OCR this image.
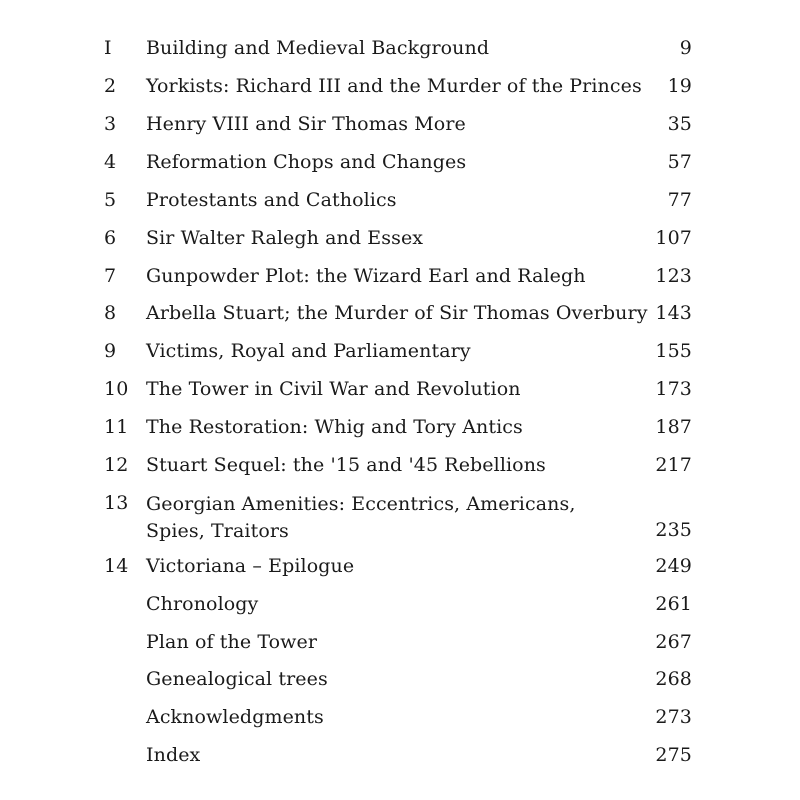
I	Building and Medieval Background	9
2	Yorkists: Richard III and the Murder of the Princes	19
3	Henry VIII and Sir Thomas More	35
4	Reformation Chops and Changes	57
5	Protestants and Catholics	77
6	Sir Walter Ralegh and Essex	107
7	Gunpowder Plot: the Wizard Earl and Ralegh	123
8	Arbella Stuart; the Murder of Sir Thomas Overbury 143
9	Victims, Royal and Parliamentary	155
10 The Tower in Civil War and Revolution	173
11 The Restoration: Whig and Tory Antics	187
12 Stuart Sequel: the '15 and '45 Rebellions	217
13 Georgian Amenities: Eccentrics, Americans, Spies, Traitors	235
14 Victoriana – Epilogue	249
Chronology	261
Plan of the Tower	267
Genealogical trees	268
Acknowledgments	273
Index	275
